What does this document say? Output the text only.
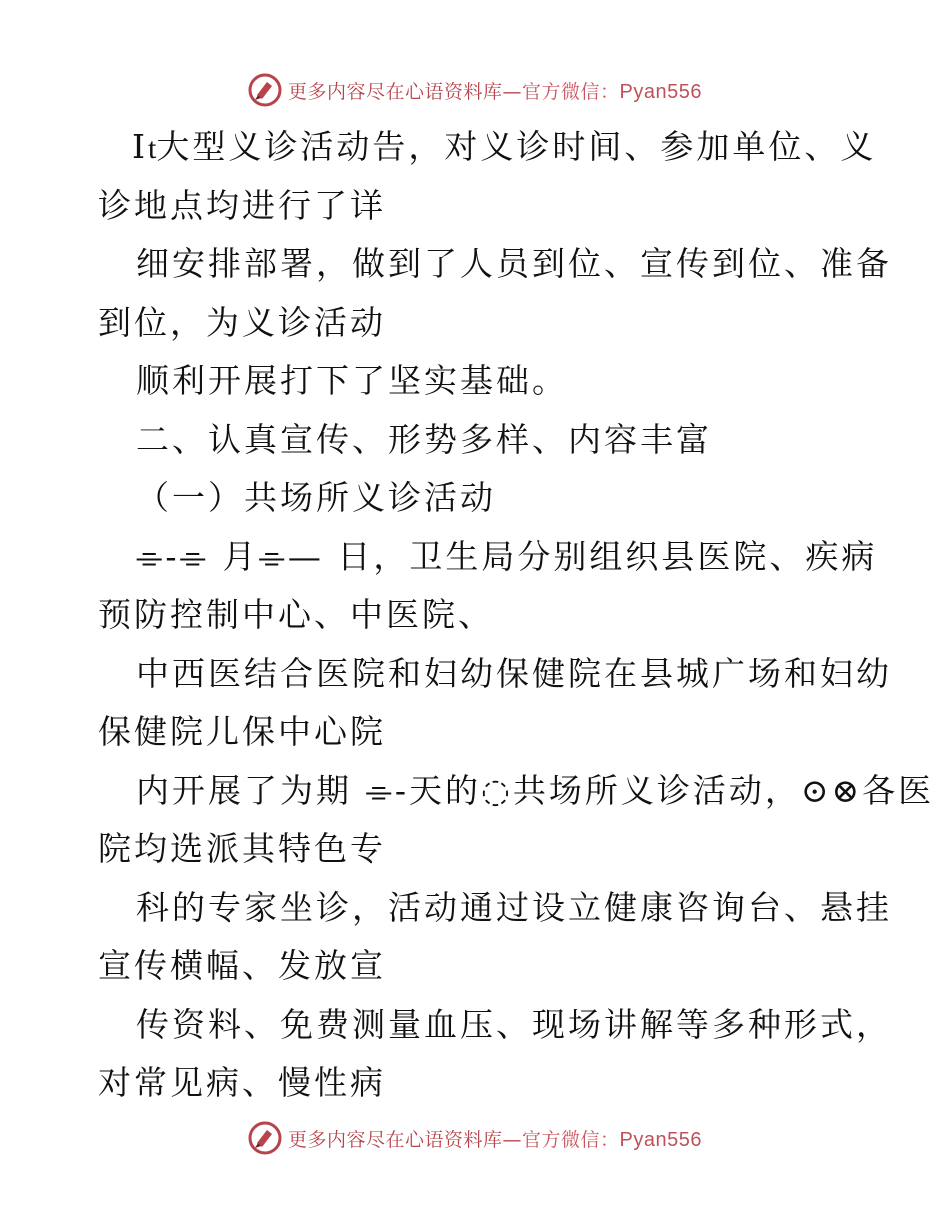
更多内容尽在心语资料库—官方微信：Pyan556
It大型义诊活动告，对义诊时间、参加单位、义
诊地点均进行了详
细安排部署，做到了人员到位、宣传到位、准备
到位，为义诊活动
顺利开展打下了坚实基础。
二、认真宣传、形势多样、内容丰富
（一）共场所义诊活动
⌯-⌯ 月⌯— 日，卫生局分别组织县医院、疾病
预防控制中心、中医院、
中西医结合医院和妇幼保健院在县城广场和妇幼
保健院儿保中心院
内开展了为期 ⌯-天的◌共场所义诊活动，⊙⊗各医
院均选派其特色专
科的专家坐诊，活动通过设立健康咨询台、悬挂
宣传横幅、发放宣
传资料、免费测量血压、现场讲解等多种形式，
对常见病、慢性病
更多内容尽在心语资料库—官方微信：Pyan556
